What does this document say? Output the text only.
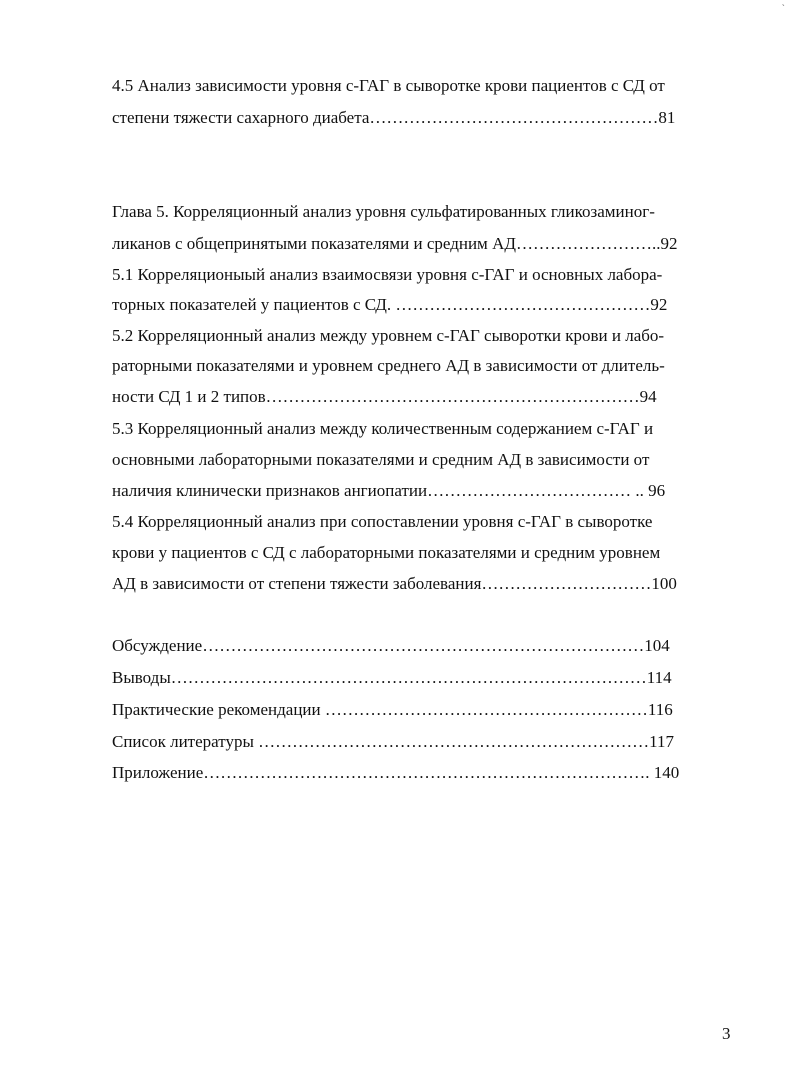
`
4.5 Анализ зависимости уровня с-ГАГ в сыворотке крови пациентов с СД от
степени тяжести сахарного диабета……………………………………………81
Глава 5. Корреляционный анализ уровня сульфатированных гликозаминог-
ликанов с общепринятыми показателями и средним АД……………………..92
5.1 Корреляционыый анализ взаимосвязи уровня с-ГАГ и основных лабора-
торных показателей у пациентов с СД. ………………………………………92
5.2 Корреляционный анализ между уровнем с-ГАГ сыворотки крови и лабо-
раторными показателями и уровнем среднего АД в зависимости от длитель-
ности СД 1 и 2 типов…………………………………………………………94
5.3 Корреляционный анализ между количественным содержанием с-ГАГ и
основными лабораторными показателями и средним АД в зависимости от
наличия клинически признаков ангиопатии……………………………… .. 96
5.4 Корреляционный анализ при сопоставлении уровня с-ГАГ в сыворотке
крови у пациентов с СД с лабораторными показателями и средним уровнем
АД в зависимости от степени тяжести заболевания…………………………100
Обсуждение……………………………………………………………………104
Выводы…………………………………………………………………………114
Практические рекомендации …………………………………………………116
Список литературы ……………………………………………………………117
Приложение……………………………………………………………………. 140
3
